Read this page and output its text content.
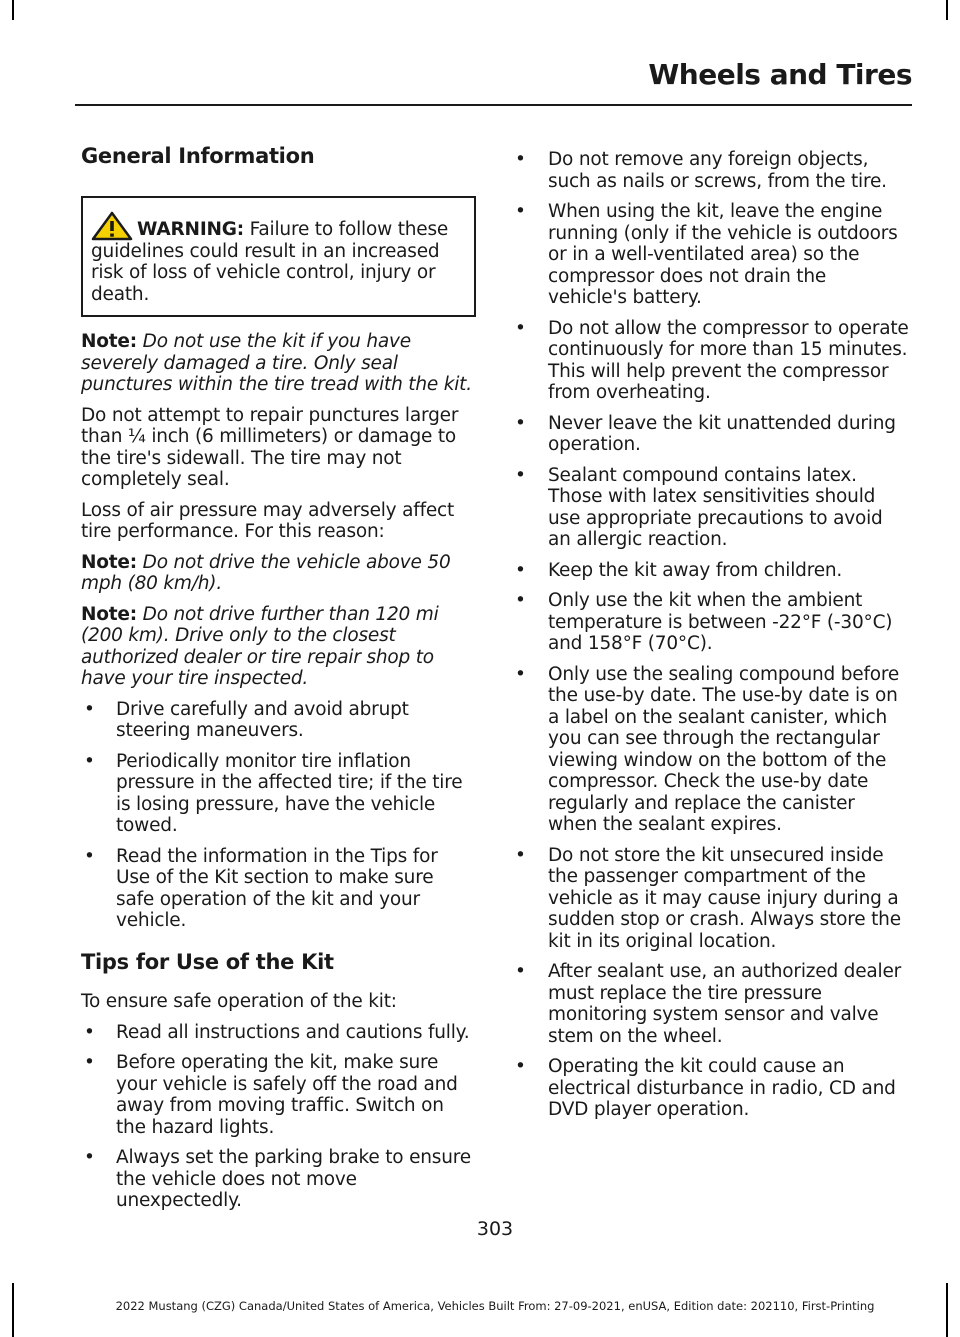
Wheels and Tires
General Information
WARNING: Failure to follow these guidelines could result in an increased risk of loss of vehicle control, injury or death.

Note: Do not use the kit if you have severely damaged a tire. Only seal punctures within the tire tread with the kit.

Do not attempt to repair punctures larger than ¼ inch (6 millimeters) or damage to the tire's sidewall. The tire may not completely seal.

Loss of air pressure may adversely affect tire performance. For this reason:

Note: Do not drive the vehicle above 50 mph (80 km/h).

Note: Do not drive further than 120 mi (200 km). Drive only to the closest authorized dealer or tire repair shop to have your tire inspected.

• Drive carefully and avoid abrupt steering maneuvers.
• Periodically monitor tire inflation pressure in the affected tire; if the tire is losing pressure, have the vehicle towed.
• Read the information in the Tips for Use of the Kit section to make sure safe operation of the kit and your vehicle.
Tips for Use of the Kit

To ensure safe operation of the kit:

• Read all instructions and cautions fully.
• Before operating the kit, make sure your vehicle is safely off the road and away from moving traffic. Switch on the hazard lights.
• Always set the parking brake to ensure the vehicle does not move unexpectedly.
• Do not remove any foreign objects, such as nails or screws, from the tire.
• When using the kit, leave the engine running (only if the vehicle is outdoors or in a well-ventilated area) so the compressor does not drain the vehicle's battery.
• Do not allow the compressor to operate continuously for more than 15 minutes. This will help prevent the compressor from overheating.
• Never leave the kit unattended during operation.
• Sealant compound contains latex. Those with latex sensitivities should use appropriate precautions to avoid an allergic reaction.
• Keep the kit away from children.
• Only use the kit when the ambient temperature is between -22°F (-30°C) and 158°F (70°C).
• Only use the sealing compound before the use-by date. The use-by date is on a label on the sealant canister, which you can see through the rectangular viewing window on the bottom of the compressor. Check the use-by date regularly and replace the canister when the sealant expires.
• Do not store the kit unsecured inside the passenger compartment of the vehicle as it may cause injury during a sudden stop or crash. Always store the kit in its original location.
• After sealant use, an authorized dealer must replace the tire pressure monitoring system sensor and valve stem on the wheel.
• Operating the kit could cause an electrical disturbance in radio, CD and DVD player operation.
303
2022 Mustang (CZG) Canada/United States of America, Vehicles Built From: 27-09-2021, enUSA, Edition date: 202110, First-Printing
